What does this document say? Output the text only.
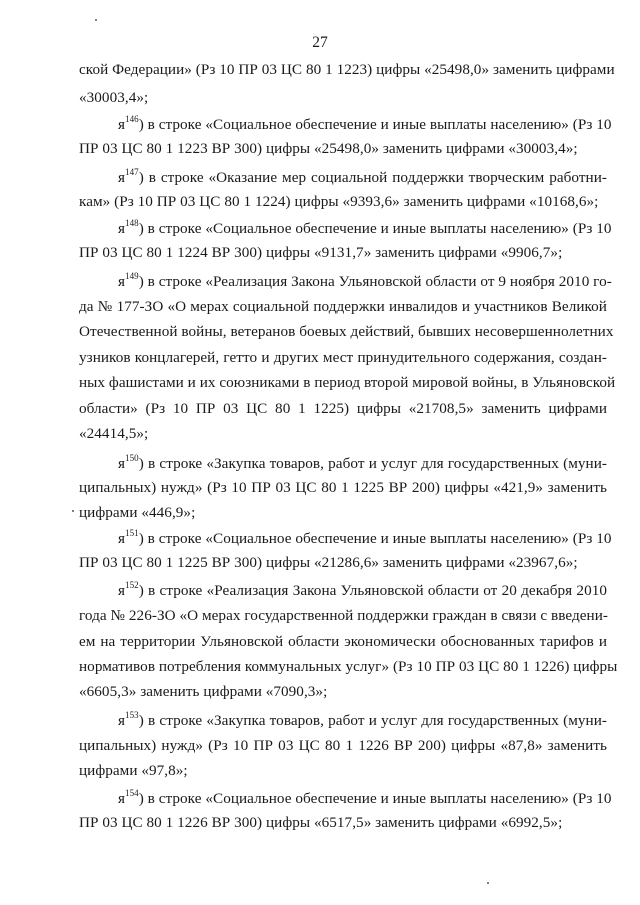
27
ской Федерации» (Рз 10 ПР 03 ЦС 80 1 1223) цифры «25498,0» заменить цифрами
«30003,4»;
$я^{146}$) в строке «Социальное обеспечение и иные выплаты населению» (Рз 10
ПР 03 ЦС 80 1 1223 ВР 300) цифры «25498,0» заменить цифрами «30003,4»;
$я^{147}$) в строке «Оказание мер социальной поддержки творческим работни-
кам» (Рз 10 ПР 03 ЦС 80 1 1224) цифры «9393,6» заменить цифрами «10168,6»;
$я^{148}$) в строке «Социальное обеспечение и иные выплаты населению» (Рз 10
ПР 03 ЦС 80 1 1224 ВР 300) цифры «9131,7» заменить цифрами «9906,7»;
$я^{149}$) в строке «Реализация Закона Ульяновской области от 9 ноября 2010 го-
да № 177-ЗО «О мерах социальной поддержки инвалидов и участников Великой
Отечественной войны, ветеранов боевых действий, бывших несовершеннолетних
узников концлагерей, гетто и других мест принудительного содержания, создан-
ных фашистами и их союзниками в период второй мировой войны, в Ульяновской
области» (Рз 10 ПР 03 ЦС 80 1 1225) цифры «21708,5» заменить цифрами
«24414,5»;
$я^{150}$) в строке «Закупка товаров, работ и услуг для государственных (муни-
ципальных) нужд» (Рз 10 ПР 03 ЦС 80 1 1225 ВР 200) цифры «421,9» заменить
цифрами «446,9»;
$я^{151}$) в строке «Социальное обеспечение и иные выплаты населению» (Рз 10
ПР 03 ЦС 80 1 1225 ВР 300) цифры «21286,6» заменить цифрами «23967,6»;
$я^{152}$) в строке «Реализация Закона Ульяновской области от 20 декабря 2010
года № 226-ЗО «О мерах государственной поддержки граждан в связи с введени-
ем на территории Ульяновской области экономически обоснованных тарифов и
нормативов потребления коммунальных услуг» (Рз 10 ПР 03 ЦС 80 1 1226) цифры
«6605,3» заменить цифрами «7090,3»;
$я^{153}$) в строке «Закупка товаров, работ и услуг для государственных (муни-
ципальных) нужд» (Рз 10 ПР 03 ЦС 80 1 1226 ВР 200) цифры «87,8» заменить
цифрами «97,8»;
$я^{154}$) в строке «Социальное обеспечение и иные выплаты населению» (Рз 10
ПР 03 ЦС 80 1 1226 ВР 300) цифры «6517,5» заменить цифрами «6992,5»;
